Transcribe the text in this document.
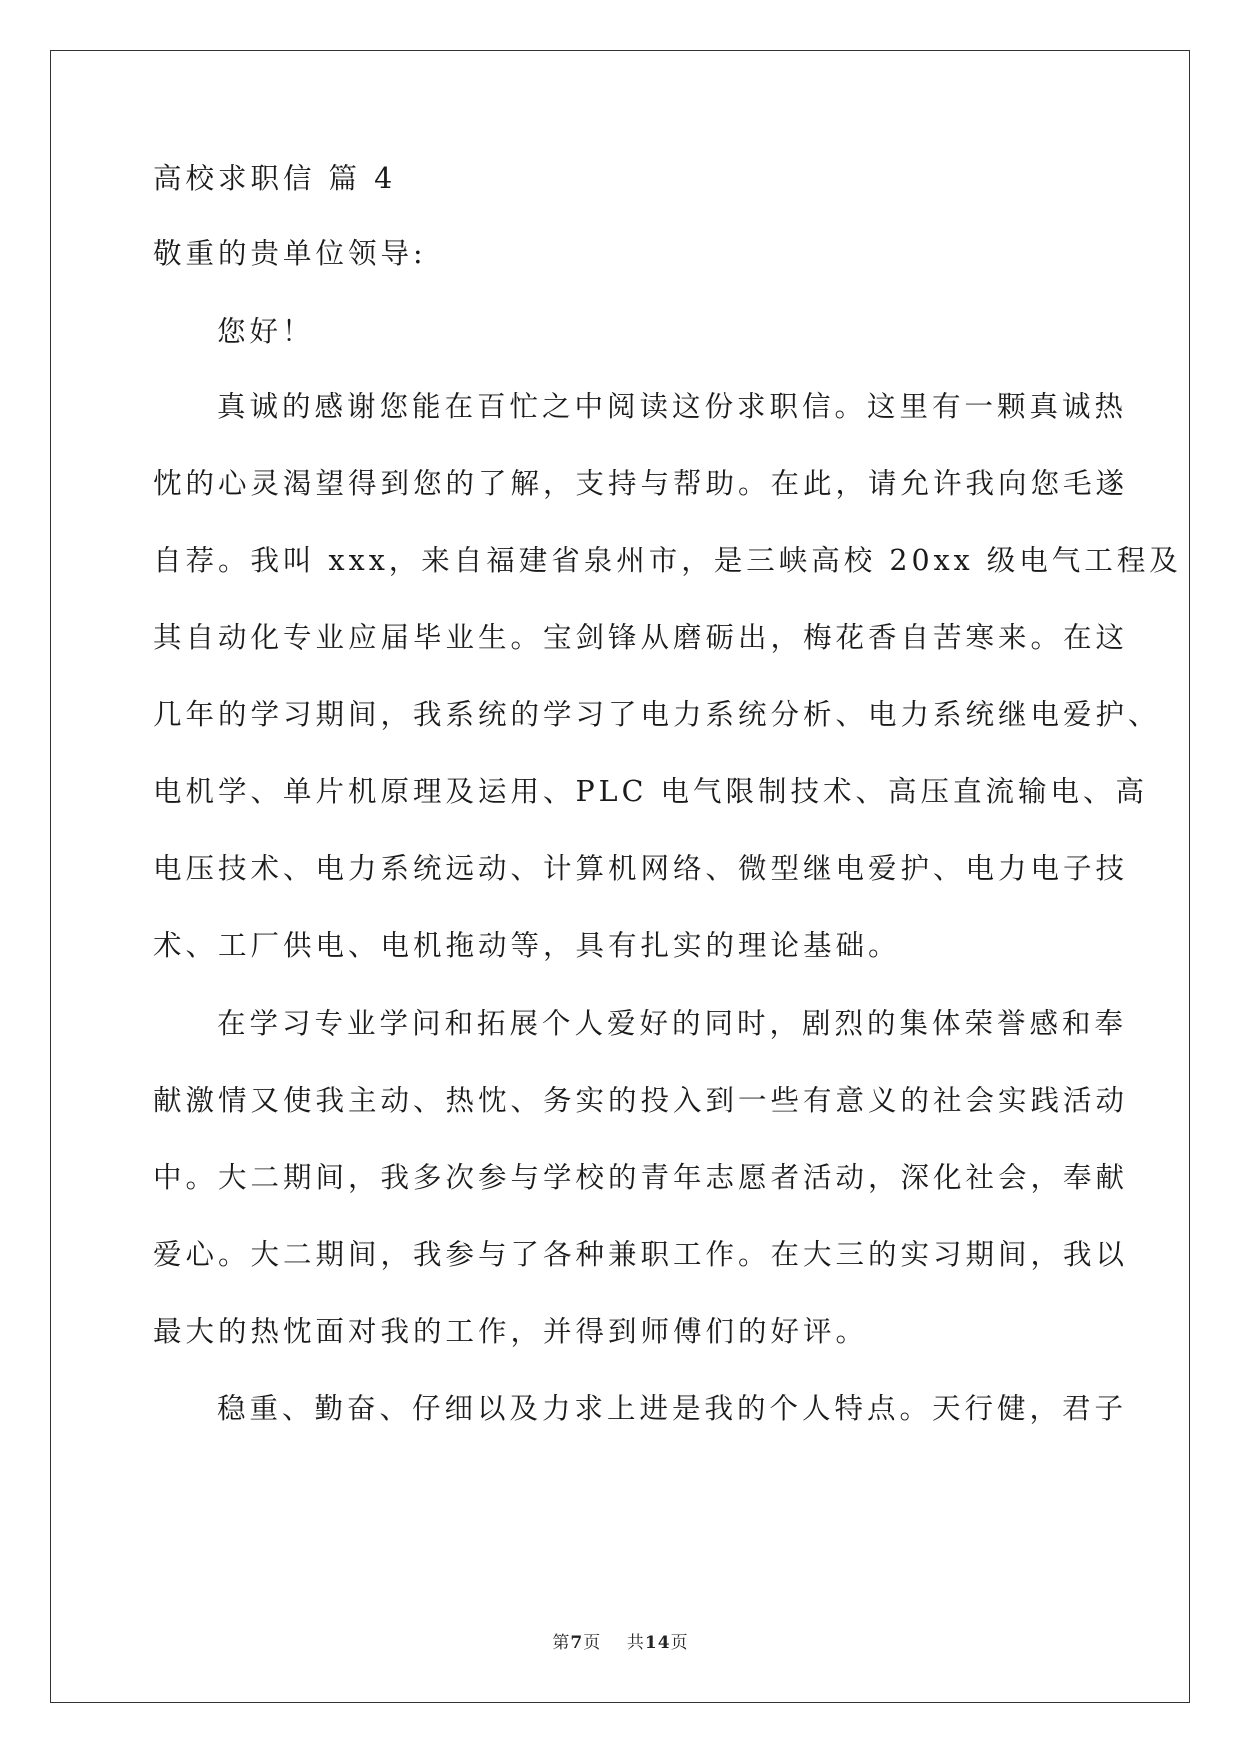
高校求职信 篇 4
敬重的贵单位领导:
您好！
真诚的感谢您能在百忙之中阅读这份求职信。这里有一颗真诚热
忱的心灵渴望得到您的了解，支持与帮助。在此，请允许我向您毛遂
自荐。我叫 xxx，来自福建省泉州市，是三峡高校 20xx 级电气工程及
其自动化专业应届毕业生。宝剑锋从磨砺出，梅花香自苦寒来。在这
几年的学习期间，我系统的学习了电力系统分析、电力系统继电爱护、
电机学、单片机原理及运用、PLC 电气限制技术、高压直流输电、高
电压技术、电力系统远动、计算机网络、微型继电爱护、电力电子技
术、工厂供电、电机拖动等，具有扎实的理论基础。
在学习专业学问和拓展个人爱好的同时，剧烈的集体荣誉感和奉
献激情又使我主动、热忱、务实的投入到一些有意义的社会实践活动
中。大二期间，我多次参与学校的青年志愿者活动，深化社会，奉献
爱心。大二期间，我参与了各种兼职工作。在大三的实习期间，我以
最大的热忱面对我的工作，并得到师傅们的好评。
稳重、勤奋、仔细以及力求上进是我的个人特点。天行健，君子
第7页    共14页
